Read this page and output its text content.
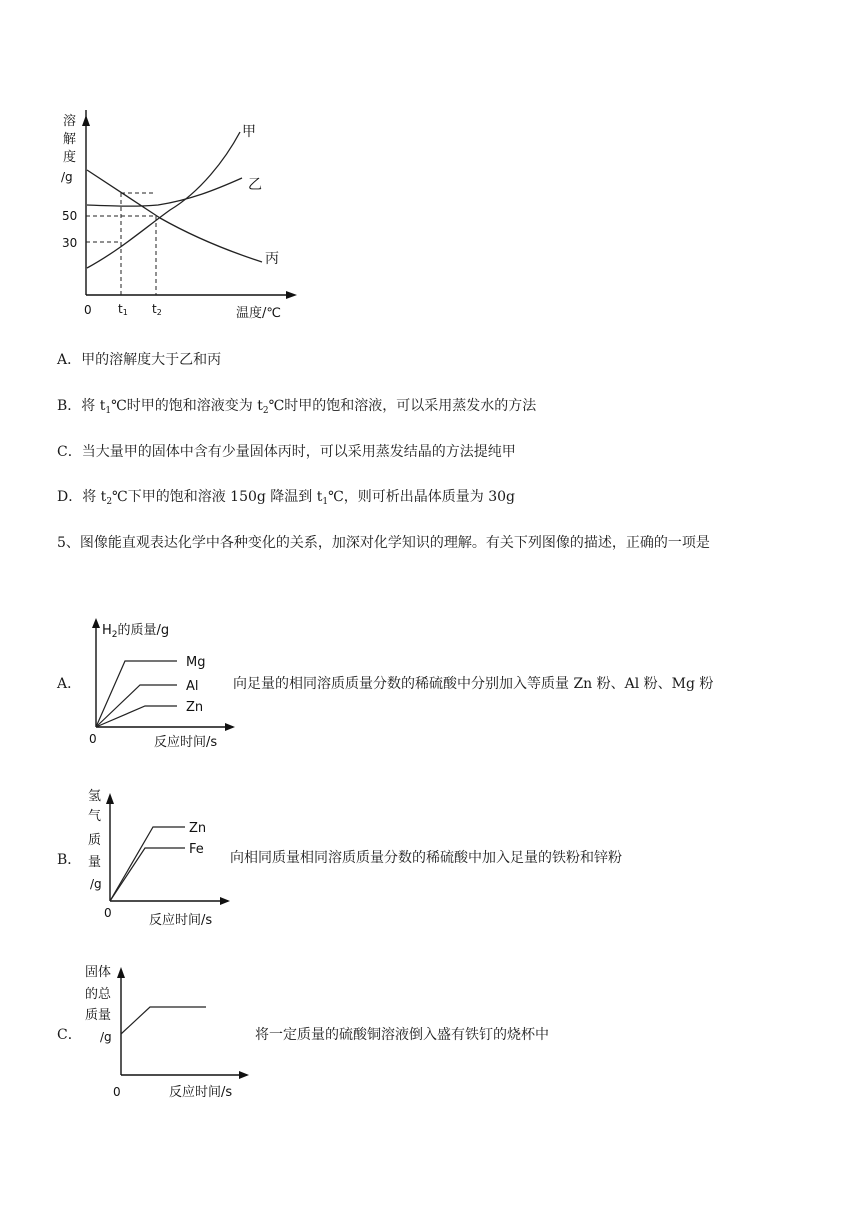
溶
解
度
/g
50
30
0 t1 t2	温度/℃
甲
乙
丙
A．甲的溶解度大于乙和丙
B．将 $t_1℃$时甲的饱和溶液变为 $t_2℃$时甲的饱和溶液，可以采用蒸发水的方法
C．当大量甲的固体中含有少量固体丙时，可以采用蒸发结晶的方法提纯甲
D．将 $t_2℃$下甲的饱和溶液 150g 降温到 $t_1℃$，则可析出晶体质量为 30g
5、图像能直观表达化学中各种变化的关系，加深对化学知识的理解。有关下列图像的描述，正确的一项是
A．
$H_2$的质量/g
Mg
Al
Zn
0	反应时间/s
向足量的相同溶质质量分数的稀硫酸中分别加入等质量 Zn 粉、Al 粉、Mg 粉
B．
氢
气
质
量
/g
Zn
Fe
0	反应时间/s
向相同质量相同溶质质量分数的稀硫酸中加入足量的铁粉和锌粉
C．
固体
的总
质量
/g
0	反应时间/s
将一定质量的硫酸铜溶液倒入盛有铁钉的烧杯中
